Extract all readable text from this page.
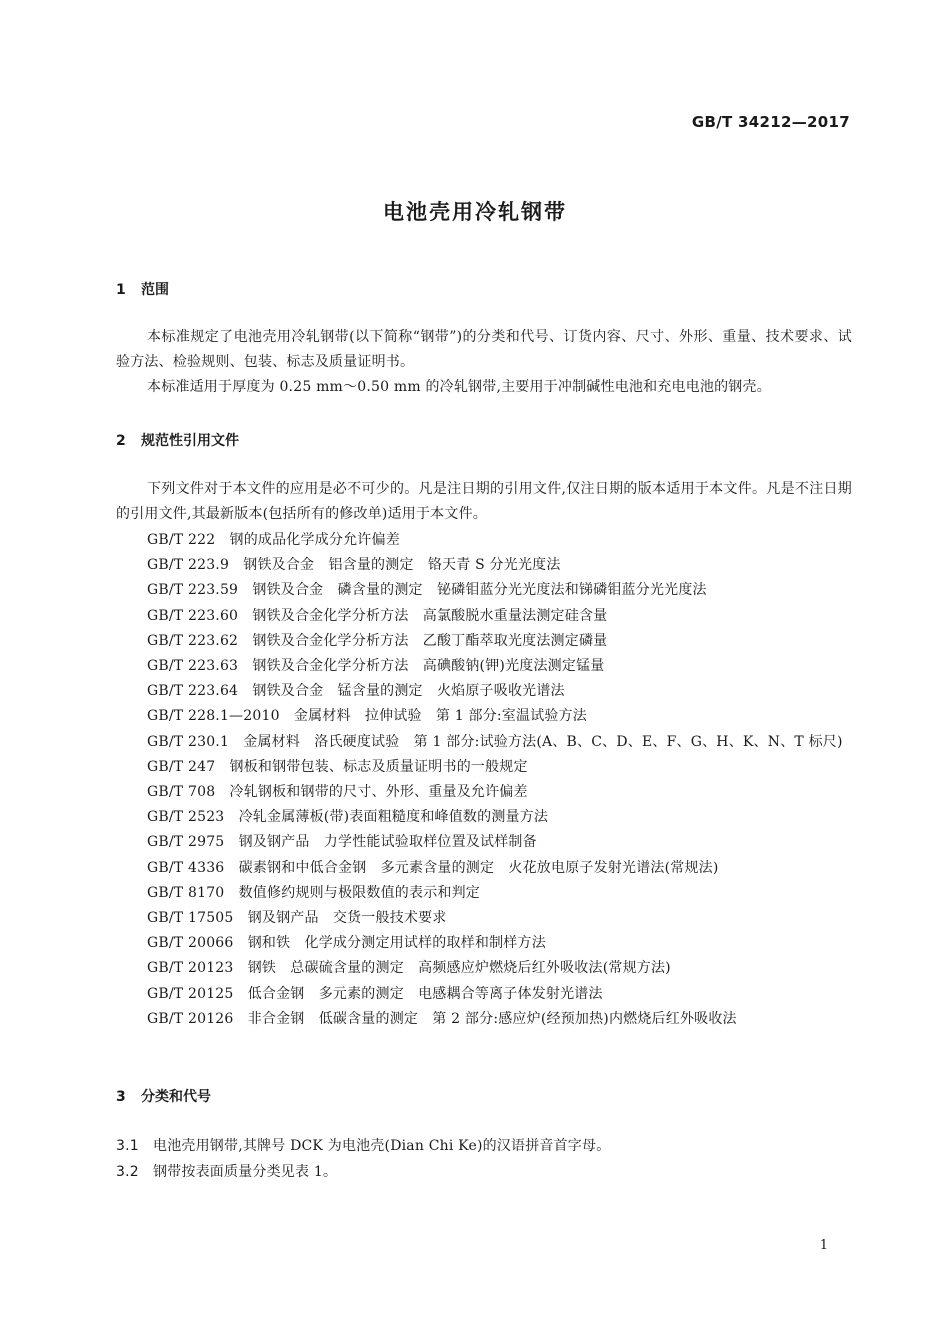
GB/T 34212—2017
电池壳用冷轧钢带
1 范围
本标准规定了电池壳用冷轧钢带(以下简称“钢带”)的分类和代号、订货内容、尺寸、外形、重量、技术要求、试验方法、检验规则、包装、标志及质量证明书。
本标准适用于厚度为 0.25 mm～0.50 mm 的冷轧钢带,主要用于冲制碱性电池和充电电池的钢壳。
2 规范性引用文件
下列文件对于本文件的应用是必不可少的。凡是注日期的引用文件,仅注日期的版本适用于本文件。凡是不注日期的引用文件,其最新版本(包括所有的修改单)适用于本文件。
GB/T 222　钢的成品化学成分允许偏差
GB/T 223.9　钢铁及合金　铝含量的测定　铬天青 S 分光光度法
GB/T 223.59　钢铁及合金　磷含量的测定　铋磷钼蓝分光光度法和锑磷钼蓝分光光度法
GB/T 223.60　钢铁及合金化学分析方法　高氯酸脱水重量法测定硅含量
GB/T 223.62　钢铁及合金化学分析方法　乙酸丁酯萃取光度法测定磷量
GB/T 223.63　钢铁及合金化学分析方法　高碘酸钠(钾)光度法测定锰量
GB/T 223.64　钢铁及合金　锰含量的测定　火焰原子吸收光谱法
GB/T 228.1—2010　金属材料　拉伸试验　第 1 部分:室温试验方法
GB/T 230.1　金属材料　洛氏硬度试验　第 1 部分:试验方法(A、B、C、D、E、F、G、H、K、N、T 标尺)
GB/T 247　钢板和钢带包装、标志及质量证明书的一般规定
GB/T 708　冷轧钢板和钢带的尺寸、外形、重量及允许偏差
GB/T 2523　冷轧金属薄板(带)表面粗糙度和峰值数的测量方法
GB/T 2975　钢及钢产品　力学性能试验取样位置及试样制备
GB/T 4336　碳素钢和中低合金钢　多元素含量的测定　火花放电原子发射光谱法(常规法)
GB/T 8170　数值修约规则与极限数值的表示和判定
GB/T 17505　钢及钢产品　交货一般技术要求
GB/T 20066　钢和铁　化学成分测定用试样的取样和制样方法
GB/T 20123　钢铁　总碳硫含量的测定　高频感应炉燃烧后红外吸收法(常规方法)
GB/T 20125　低合金钢　多元素的测定　电感耦合等离子体发射光谱法
GB/T 20126　非合金钢　低碳含量的测定　第 2 部分:感应炉(经预加热)内燃烧后红外吸收法
3 分类和代号
3.1 电池壳用钢带,其牌号 DCK 为电池壳(Dian Chi Ke)的汉语拼音首字母。
3.2 钢带按表面质量分类见表 1。
1
